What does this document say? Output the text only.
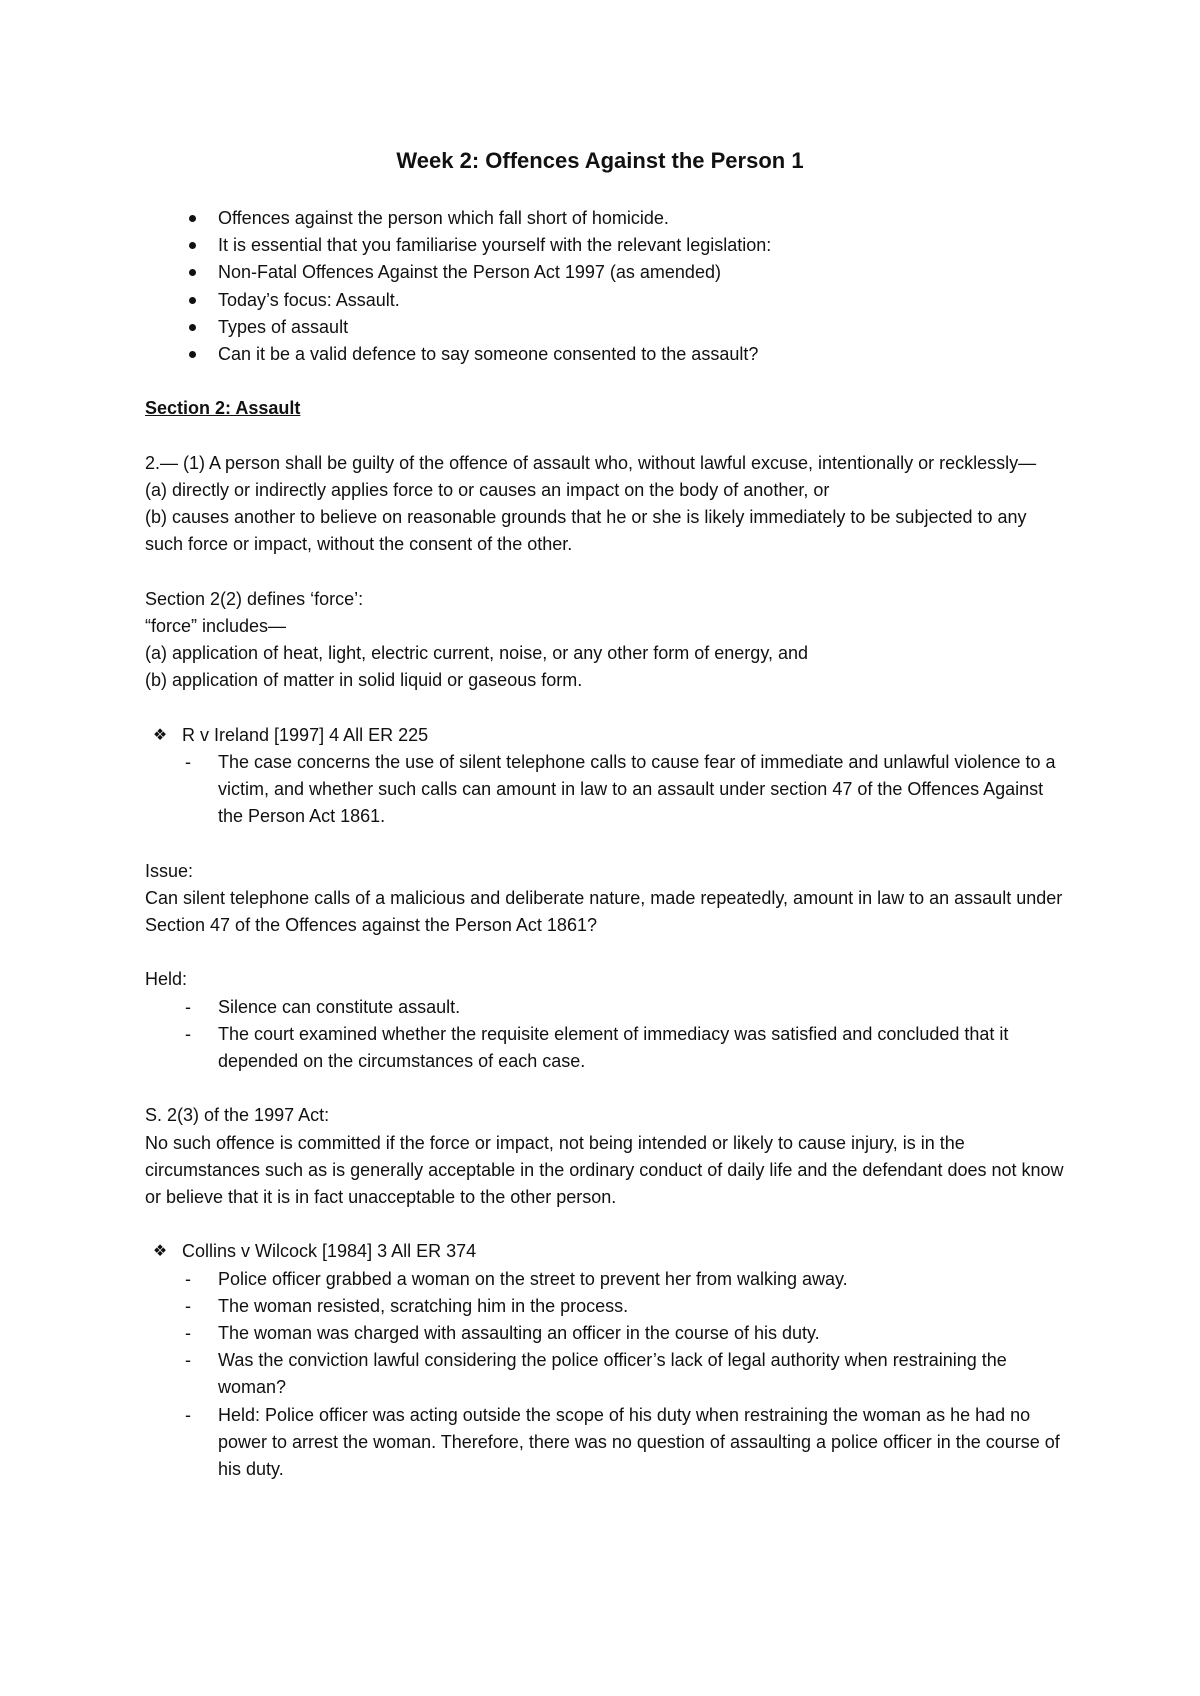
Week 2: Offences Against the Person 1
Offences against the person which fall short of homicide.
It is essential that you familiarise yourself with the relevant legislation:
Non-Fatal Offences Against the Person Act 1997 (as amended)
Today’s focus: Assault.
Types of assault
Can it be a valid defence to say someone consented to the assault?

Section 2: Assault

2.— (1) A person shall be guilty of the offence of assault who, without lawful excuse, intentionally or recklessly—

(a) directly or indirectly applies force to or causes an impact on the body of another, or

(b) causes another to believe on reasonable grounds that he or she is likely immediately to be subjected to any such force or impact, without the consent of the other.

Section 2(2) defines ‘force’:

“force” includes—

(a) application of heat, light, electric current, noise, or any other form of energy, and

(b) application of matter in solid liquid or gaseous form.

❖ R v Ireland [1997] 4 All ER 225
- The case concerns the use of silent telephone calls to cause fear of immediate and unlawful violence to a victim, and whether such calls can amount in law to an assault under section 47 of the Offences Against the Person Act 1861.

Issue:

Can silent telephone calls of a malicious and deliberate nature, made repeatedly, amount in law to an assault under Section 47 of the Offences against the Person Act 1861?

Held:

- Silence can constitute assault.
- The court examined whether the requisite element of immediacy was satisfied and concluded that it depended on the circumstances of each case.

S. 2(3) of the 1997 Act:

No such offence is committed if the force or impact, not being intended or likely to cause injury, is in the circumstances such as is generally acceptable in the ordinary conduct of daily life and the defendant does not know or believe that it is in fact unacceptable to the other person.

❖ Collins v Wilcock [1984] 3 All ER 374
- Police officer grabbed a woman on the street to prevent her from walking away.
- The woman resisted, scratching him in the process.
- The woman was charged with assaulting an officer in the course of his duty.
- Was the conviction lawful considering the police officer’s lack of legal authority when restraining the woman?
- Held: Police officer was acting outside the scope of his duty when restraining the woman as he had no power to arrest the woman. Therefore, there was no question of assaulting a police officer in the course of his duty.
